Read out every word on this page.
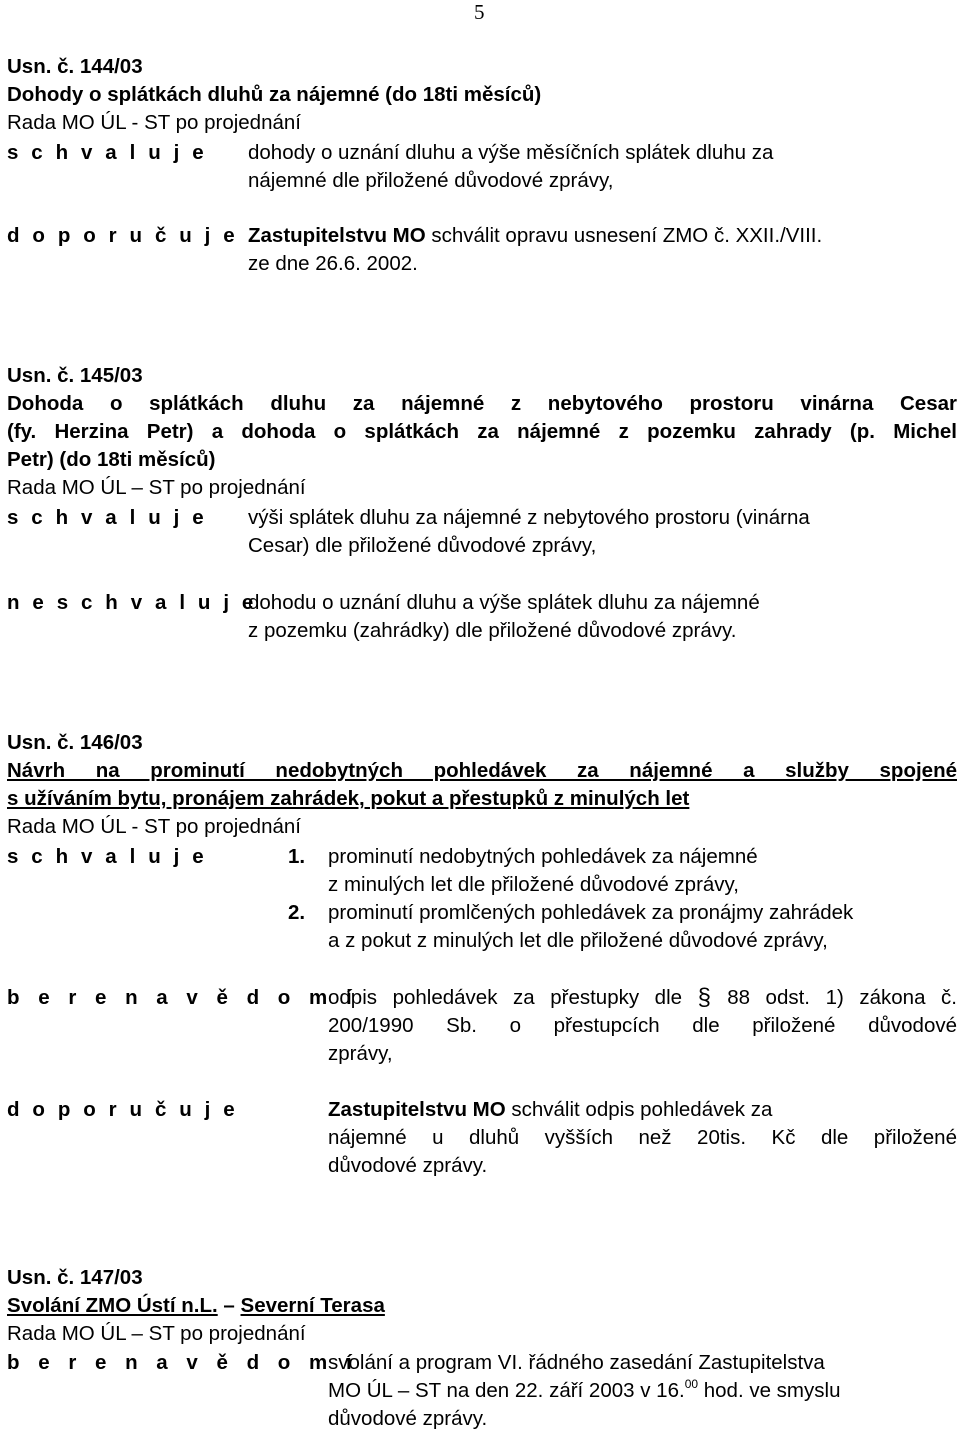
5
Usn. č. 144/03
Dohody o splátkách dluhů za nájemné (do 18ti měsíců)
Rada MO ÚL - ST po projednání
s c h v a l u j e dohody o uznání dluhu a výše měsíčních splátek dluhu za
nájemné dle přiložené důvodové zprávy,
d o p o r u č u j e Zastupitelstvu MO schválit opravu usnesení ZMO č. XXII./VIII.
ze dne 26.6. 2002.
Usn. č. 145/03
Dohoda o splátkách dluhu za nájemné z nebytového prostoru vinárna Cesar
(fy. Herzina Petr) a dohoda o splátkách za nájemné z pozemku zahrady (p. Michel
Petr) (do 18ti měsíců)
Rada MO ÚL – ST po projednání
s c h v a l u j e výši splátek dluhu za nájemné z nebytového prostoru (vinárna
Cesar) dle přiložené důvodové zprávy,
n e s c h v a l u j e
dohodu o uznání dluhu a výše splátek dluhu za nájemné
z pozemku (zahrádky) dle přiložené důvodové zprávy.
Usn. č. 146/03
Návrh na prominutí nedobytných pohledávek za nájemné a služby spojené
s užíváním bytu, pronájem zahrádek, pokut a přestupků z minulých let
Rada MO ÚL - ST po projednání
s c h v a l u j e	1. prominutí nedobytných pohledávek za nájemné
z minulých let dle přiložené důvodové zprávy,
2. prominutí promlčených pohledávek za pronájmy zahrádek
a z pokut z minulých let dle přiložené důvodové zprávy,
b e r e n a v ě d o m í
odpis pohledávek za přestupky dle § 88 odst. 1) zákona č.
200/1990 Sb. o přestupcích dle přiložené důvodové
zprávy,
d o p o r u č u j e	Zastupitelstvu MO schválit odpis pohledávek za
nájemné u dluhů vyšších než 20tis. Kč dle přiložené
důvodové zprávy.
Usn. č. 147/03
Svolání ZMO Ústí n.L. – Severní Terasa
Rada MO ÚL – ST po projednání
b e r e n a v ě d o m í
svolání a program VI. řádného zasedání Zastupitelstva
MO ÚL – ST na den 22. září 2003 v 16.00 hod. ve smyslu
důvodové zprávy.
